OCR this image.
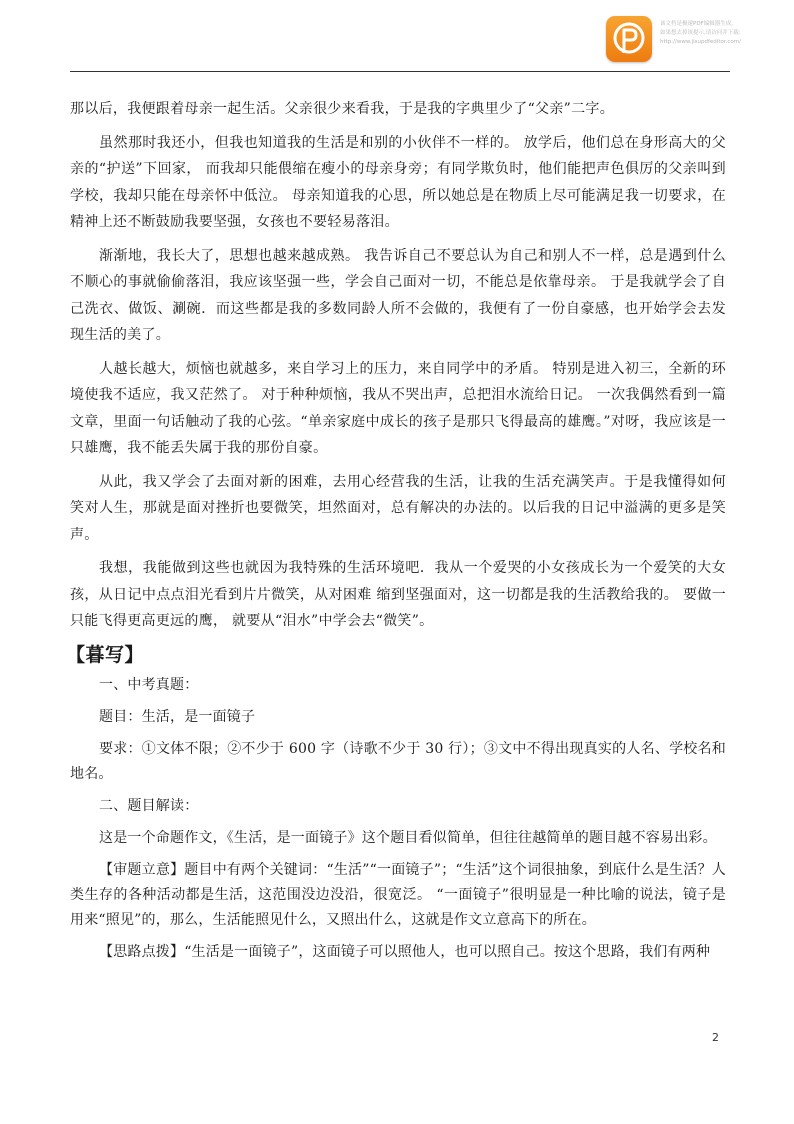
该文档是极速PDF编辑器生成,
如果想去掉该提示,请访问并下载:
http://www.jisupdfeditor.com/

那以后，我便跟着母亲一起生活。父亲很少来看我，于是我的字典里少了“父亲”二字。

虽然那时我还小，但我也知道我的生活是和别的小伙伴不一样的。 放学后，他们总在身形高大的父亲的“护送”下回家， 而我却只能偎缩在瘦小的母亲身旁；有同学欺负时，他们能把声色俱厉的父亲叫到学校，我却只能在母亲怀中低泣。 母亲知道我的心思，所以她总是在物质上尽可能满足我一切要求，在精神上还不断鼓励我要坚强，女孩也不要轻易落泪。

渐渐地，我长大了，思想也越来越成熟。 我告诉自己不要总认为自己和别人不一样，总是遇到什么不顺心的事就偷偷落泪，我应该坚强一些，学会自己面对一切，不能总是依靠母亲。 于是我就学会了自己洗衣、做饭、涮碗．而这些都是我的多数同龄人所不会做的，我便有了一份自豪感，也开始学会去发现生活的美了。

人越长越大，烦恼也就越多，来自学习上的压力，来自同学中的矛盾。 特别是进入初三，全新的环境使我不适应，我又茫然了。 对于种种烦恼，我从不哭出声，总把泪水流给日记。 一次我偶然看到一篇文章，里面一句话触动了我的心弦。“单亲家庭中成长的孩子是那只飞得最高的雄鹰。”对呀，我应该是一只雄鹰，我不能丢失属于我的那份自豪。

从此，我又学会了去面对新的困难，去用心经营我的生活，让我的生活充满笑声。于是我懂得如何笑对人生，那就是面对挫折也要微笑，坦然面对，总有解决的办法的。以后我的日记中溢满的更多是笑声。

我想，我能做到这些也就因为我特殊的生活环境吧．我从一个爱哭的小女孩成长为一个爱笑的大女孩，从日记中点点泪光看到片片微笑，从对困难 缩到坚强面对，这一切都是我的生活教给我的。 要做一只能飞得更高更远的鹰， 就要从“泪水”中学会去“微笑”。

【暮写】

一、中考真题：

题目：生活，是一面镜子

要求：①文体不限；②不少于 600 字（诗歌不少于 30 行）；③文中不得出现真实的人名、学校名和地名。

二、题目解读：

这是一个命题作文，《生活，是一面镜子》这个题目看似简单，但往往越简单的题目越不容易出彩。

【审题立意】题目中有两个关键词：“生活”“一面镜子”；“生活”这个词很抽象，到底什么是生活？人类生存的各种活动都是生活，这范围没边没沿，很宽泛。 “一面镜子”很明显是一种比喻的说法，镜子是用来“照见”的，那么，生活能照见什么，又照出什么，这就是作文立意高下的所在。

【思路点拨】“生活是一面镜子”，这面镜子可以照他人，也可以照自己。按这个思路，我们有两种

2
